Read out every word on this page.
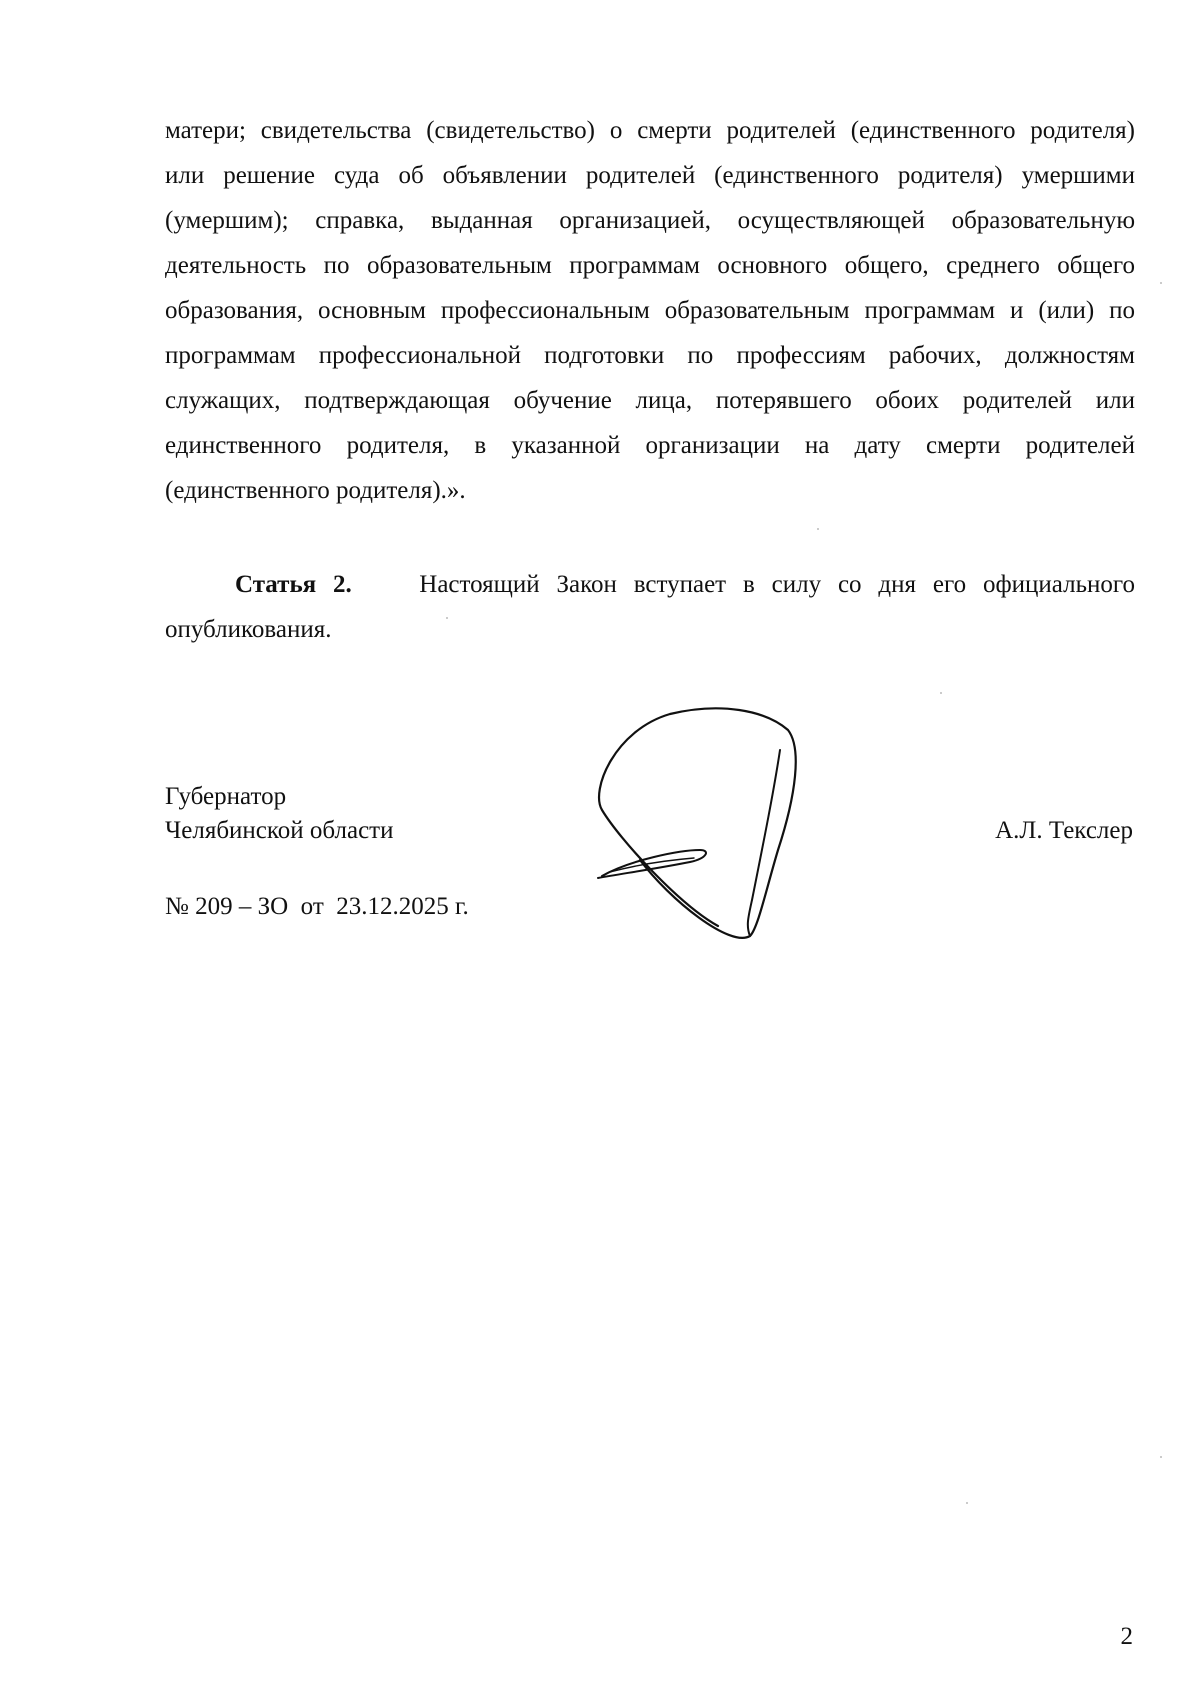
матери; свидетельства (свидетельство) о смерти родителей (единственного родителя)
или решение суда об объявлении родителей (единственного родителя) умершими
(умершим); справка, выданная организацией, осуществляющей образовательную
деятельность по образовательным программам основного общего, среднего общего
образования, основным профессиональным образовательным программам и (или) по
программам профессиональной подготовки по профессиям рабочих, должностям
служащих, подтверждающая обучение лица, потерявшего обоих родителей или
единственного родителя, в указанной организации на дату смерти родителей
(единственного родителя).».
Статья 2.	Настоящий Закон вступает в силу со дня его официального
опубликования.
Губернатор
Челябинской области	А.Л. Текслер
№ 209 – ЗО  от  23.12.2025 г.
2
